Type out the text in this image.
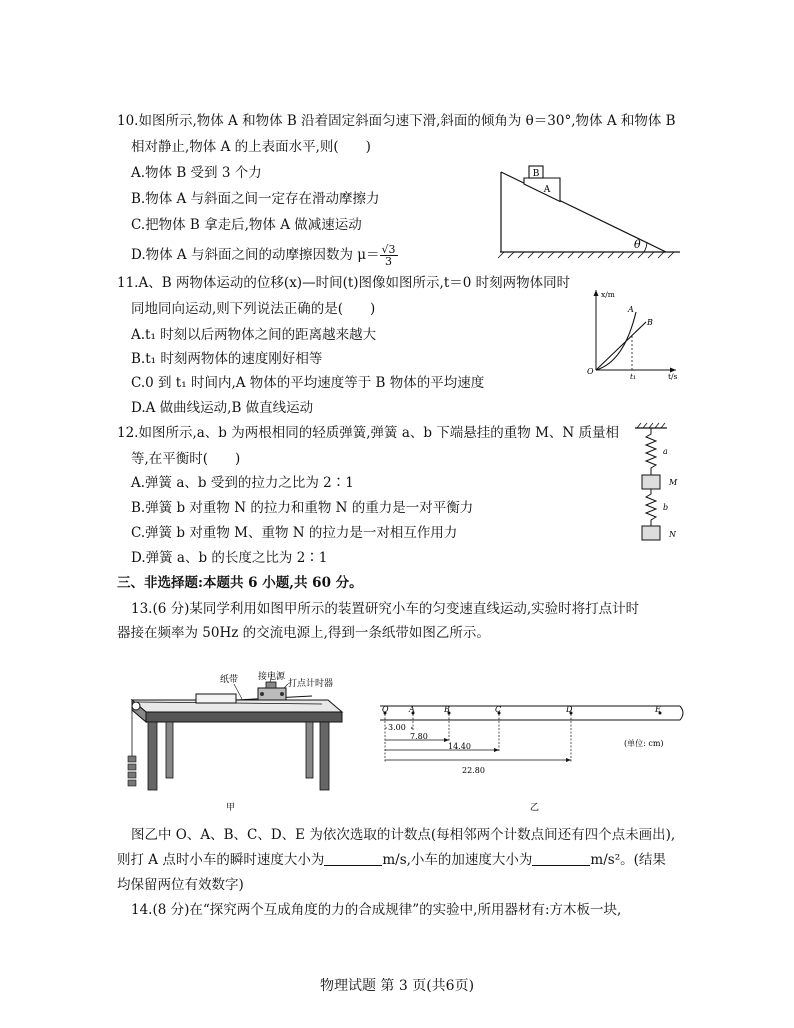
10.如图所示,物体 A 和物体 B 沿着固定斜面匀速下滑,斜面的倾角为 θ＝30°,物体 A 和物体 B
相对静止,物体 A 的上表面水平,则(　　)
A.物体 B 受到 3 个力
B.物体 A 与斜面之间一定存在滑动摩擦力
C.把物体 B 拿走后,物体 A 做减速运动
D.物体 A 与斜面之间的动摩擦因数为 $\mu= \frac{√3}{3}$
B
A
θ
11.A、B 两物体运动的位移(x)—时间(t)图像如图所示,t＝0 时刻两物体同时
同地同向运动,则下列说法正确的是(　　)
A.t₁ 时刻以后两物体之间的距离越来越大
B.t₁ 时刻两物体的速度刚好相等
C.0 到 t₁ 时间内,A 物体的平均速度等于 B 物体的平均速度
D.A 做曲线运动,B 做直线运动
x/m
t/s
O
t₁
A
B
12.如图所示,a、b 为两根相同的轻质弹簧,弹簧 a、b 下端悬挂的重物 M、N 质量相
等,在平衡时(　　)
A.弹簧 a、b 受到的拉力之比为 2∶1
B.弹簧 b 对重物 N 的拉力和重物 N 的重力是一对平衡力
C.弹簧 b 对重物 M、重物 N 的拉力是一对相互作用力
D.弹簧 a、b 的长度之比为 2∶1
a
M
b
N
三、非选择题:本题共 6 小题,共 60 分。
13.(6 分)某同学利用如图甲所示的装置研究小车的匀变速直线运动,实验时将打点计时
器接在频率为 50Hz 的交流电源上,得到一条纸带如图乙所示。
纸带 接电源
打点计时器
甲
O	A	B	C	D	E
3.00
7.80
14.40
22.80
(单位: cm)
乙
图乙中 O、A、B、C、D、E 为依次选取的计数点(每相邻两个计数点间还有四个点未画出),
则打 A 点时小车的瞬时速度大小为	m/s,小车的加速度大小为	m/s²。(结果
均保留两位有效数字)
14.(8 分)在“探究两个互成角度的力的合成规律”的实验中,所用器材有:方木板一块,
物理试题 第 3 页(共6页)
